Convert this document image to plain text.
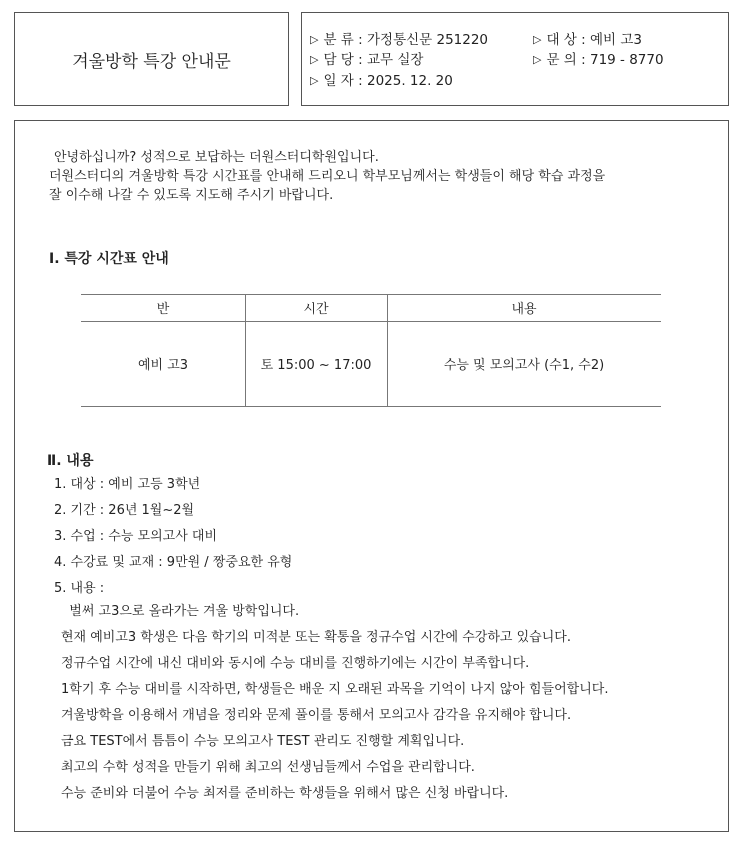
겨울방학 특강 안내문
▷ 분 류 : 가정통신문 251220
▷ 담 당 : 교무 실장
▷ 일 자 : 2025. 12. 20
▷ 대 상 : 예비 고3
▷ 문 의 : 719 - 8770
안녕하십니까? 성적으로 보답하는 더원스터디학원입니다.
더원스터디의 겨울방학 특강 시간표를 안내해 드리오니 학부모님께서는 학생들이 해당 학습 과정을
잘 이수해 나갈 수 있도록 지도해 주시기 바랍니다.
I. 특강 시간표 안내
반	시간	내용
예비 고3	토 15:00 ~ 17:00	수능 및 모의고사 (수1, 수2)
Ⅱ. 내용
1. 대상 : 예비 고등 3학년
2. 기간 : 26년 1월~2월
3. 수업 : 수능 모의고사 대비
4. 수강료 및 교재 : 9만원 / 짱중요한 유형
5. 내용 :
벌써 고3으로 올라가는 겨울 방학입니다.
현재 예비고3 학생은 다음 학기의 미적분 또는 확통을 정규수업 시간에 수강하고 있습니다.
정규수업 시간에 내신 대비와 동시에 수능 대비를 진행하기에는 시간이 부족합니다.
1학기 후 수능 대비를 시작하면, 학생들은 배운 지 오래된 과목을 기억이 나지 않아 힘들어합니다.
겨울방학을 이용해서 개념을 정리와 문제 풀이를 통해서 모의고사 감각을 유지해야 합니다.
금요 TEST에서 틈틈이 수능 모의고사 TEST 관리도 진행할 계획입니다.
최고의 수학 성적을 만들기 위해 최고의 선생님들께서 수업을 관리합니다.
수능 준비와 더불어 수능 최저를 준비하는 학생들을 위해서 많은 신청 바랍니다.
